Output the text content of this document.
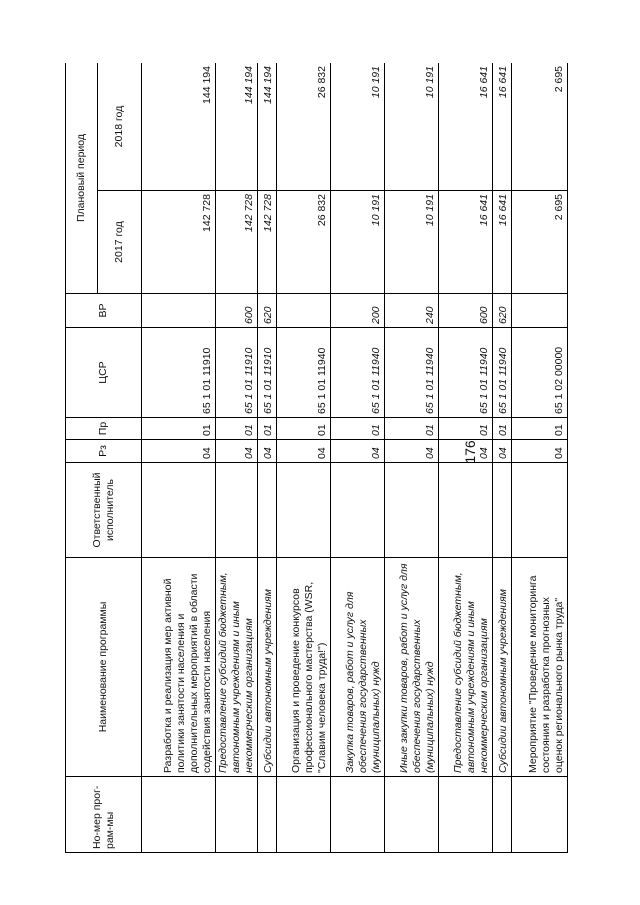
176
Но-мер прог-рам-мы	Наименование программы	Ответственный исполнитель	Рз	Пр	ЦСР	ВР	Плановый период	
							2017 год	2018 год
	Разработка и реализация мер активной политики занятости населения и дополнительных мероприятий в области содействия занятости населения		04	01	65 1 01 11910		142 728	144 194
	Предоставление субсидий бюджетным, автономным учреждениям и иным некоммерческим организациям		04	01	65 1 01 11910	600	142 728	144 194
	Субсидии автономным учреждениям		04	01	65 1 01 11910	620	142 728	144 194
	Организация и проведение конкурсов профессионального мастерства (WSR, "Славим человека труда!")		04	01	65 1 01 11940		26 832	26 832
	Закупка товаров, работ и услуг для обеспечения государственных (муниципальных) нужд		04	01	65 1 01 11940	200	10 191	10 191
	Иные закупки товаров, работ и услуг для обеспечения государственных (муниципальных) нужд		04	01	65 1 01 11940	240	10 191	10 191
	Предоставление субсидий бюджетным, автономным учреждениям и иным некоммерческим организациям		04	01	65 1 01 11940	600	16 641	16 641
	Субсидии автономным учреждениям		04	01	65 1 01 11940	620	16 641	16 641
	Мероприятие "Проведение мониторинга состояния и разработка прогнозных оценок регионального рынка труда"		04	01	65 1 02 00000		2 695	2 695
